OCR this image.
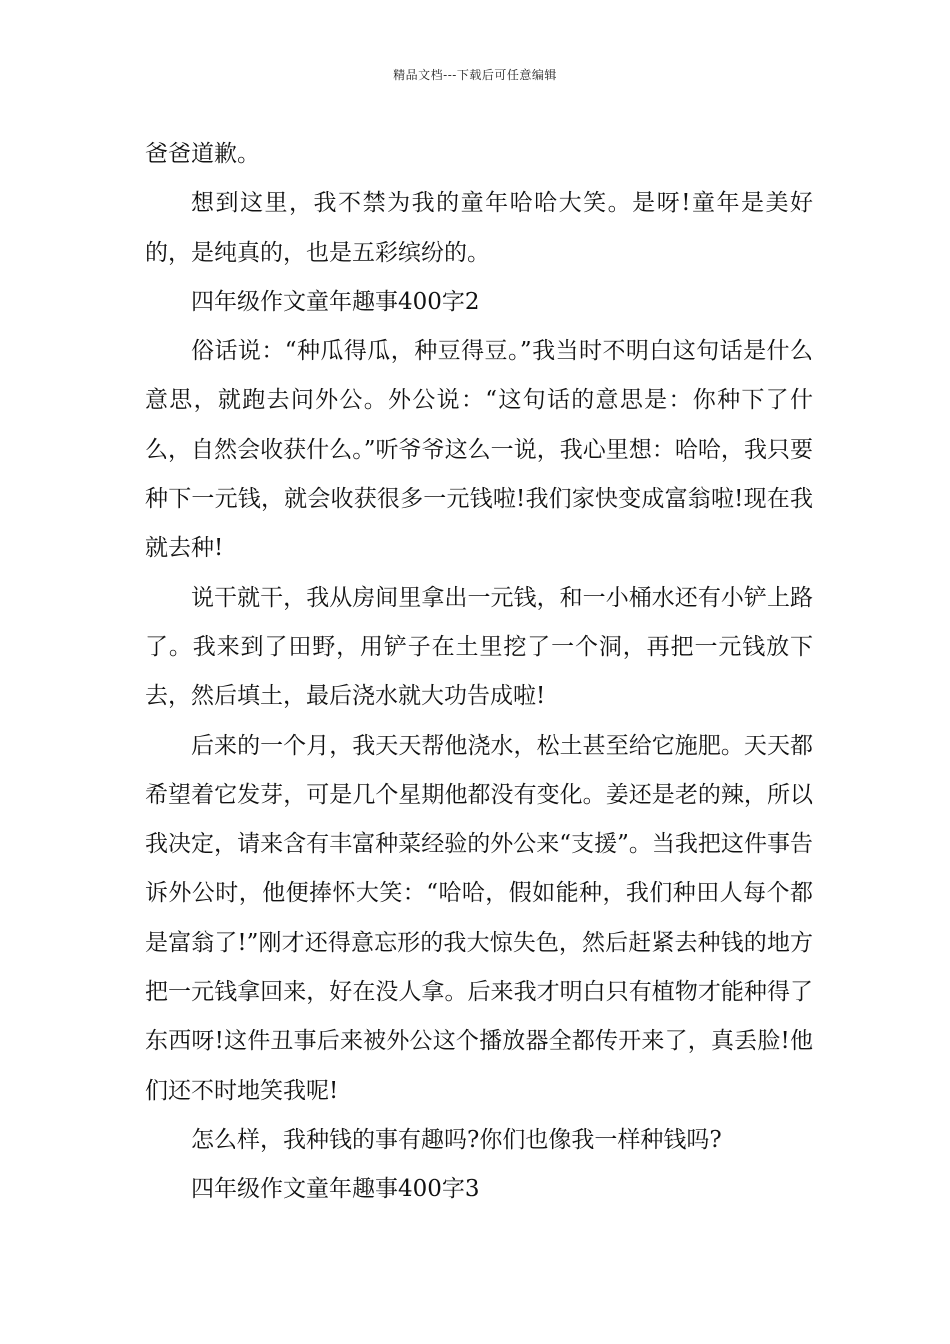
精品文档---下载后可任意编辑

爸爸道歉。

想到这里，我不禁为我的童年哈哈大笑。是呀!童年是美好的，是纯真的，也是五彩缤纷的。

四年级作文童年趣事400字2

俗话说：“种瓜得瓜，种豆得豆。”我当时不明白这句话是什么意思，就跑去问外公。外公说：“这句话的意思是：你种下了什么，自然会收获什么。”听爷爷这么一说，我心里想：哈哈，我只要种下一元钱，就会收获很多一元钱啦!我们家快变成富翁啦!现在我就去种!

说干就干，我从房间里拿出一元钱，和一小桶水还有小铲上路了。我来到了田野，用铲子在土里挖了一个洞，再把一元钱放下去，然后填土，最后浇水就大功告成啦!

后来的一个月，我天天帮他浇水，松土甚至给它施肥。天天都希望着它发芽，可是几个星期他都没有变化。姜还是老的辣，所以我决定，请来含有丰富种菜经验的外公来“支援”。当我把这件事告诉外公时，他便捧怀大笑：“哈哈，假如能种，我们种田人每个都是富翁了!”刚才还得意忘形的我大惊失色，然后赶紧去种钱的地方把一元钱拿回来，好在没人拿。后来我才明白只有植物才能种得了东西呀!这件丑事后来被外公这个播放器全都传开来了，真丢脸!他们还不时地笑我呢!

怎么样，我种钱的事有趣吗?你们也像我一样种钱吗?

四年级作文童年趣事400字3
